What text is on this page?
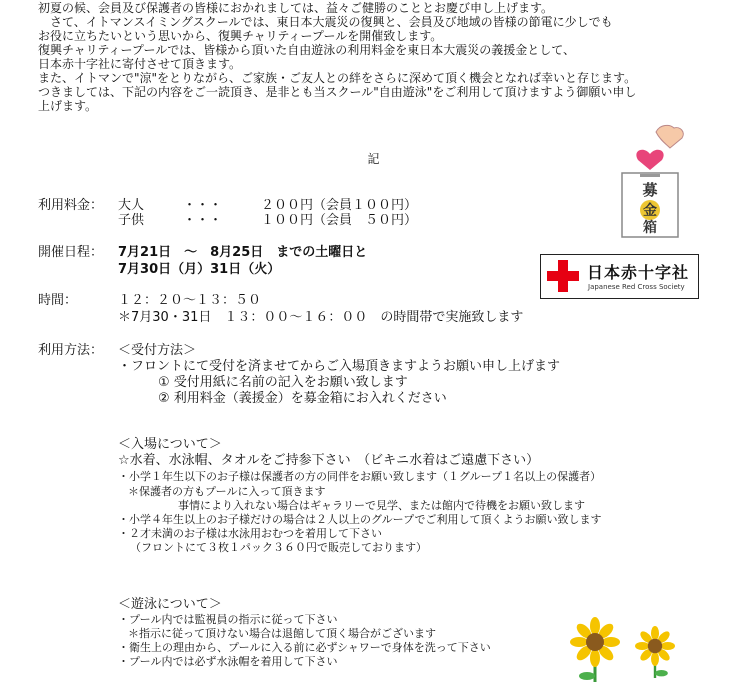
初夏の候、会員及び保護者の皆様におかれましては、益々ご健勝のこととお慶び申し上げます。
　さて、イトマンスイミングスクールでは、東日本大震災の復興と、会員及び地域の皆様の節電に少しでも
お役に立ちたいという思いから、復興チャリティープールを開催致します。
復興チャリティープールでは、皆様から頂いた自由遊泳の利用料金を東日本大震災の義援金として、
日本赤十字社に寄付させて頂きます。
また、イトマンで"涼"をとりながら、ご家族・ご友人との絆をさらに深めて頂く機会となれば幸いと存じます。
つきましては、下記の内容をご一読頂き、是非とも当スクール"自由遊泳"をご利用して頂けますよう御願い申し
上げます。
記
募
金
箱
利用料金： 大人　　　・・・　　　２００円（会員１００円）
子供　　　・・・　　　１００円（会員　５０円）
開催日程： 7月21日　～　8月25日　までの土曜日と
7月30日（月）31日（火）	日本赤十字社
Japanese Red Cross Society
時間：	１２：２０～１３：５０
＊7月30・31日　１３：００～１６：００　の時間帯で実施致します
利用方法： ＜受付方法＞
・フロントにて受付を済ませてからご入場頂きますようお願い申し上げます
① 受付用紙に名前の記入をお願い致します
② 利用料金（義援金）を募金箱にお入れください
＜入場について＞
☆水着、水泳帽、タオルをご持参下さい　（ビキニ水着はご遠慮下さい）
・小学１年生以下のお子様は保護者の方の同伴をお願い致します（１グループ１名以上の保護者）
＊保護者の方もプールに入って頂きます
事情により入れない場合はギャラリーで見学、または館内で待機をお願い致します
・小学４年生以上のお子様だけの場合は２人以上のグループでご利用して頂くようお願い致します
・２才未満のお子様は水泳用おむつを着用して下さい
（フロントにて３枚１パック３６０円で販売しております）
＜遊泳について＞
・プール内では監視員の指示に従って下さい
＊指示に従って頂けない場合は退館して頂く場合がございます
・衛生上の理由から、プールに入る前に必ずシャワーで身体を洗って下さい
・プール内では必ず水泳帽を着用して下さい
